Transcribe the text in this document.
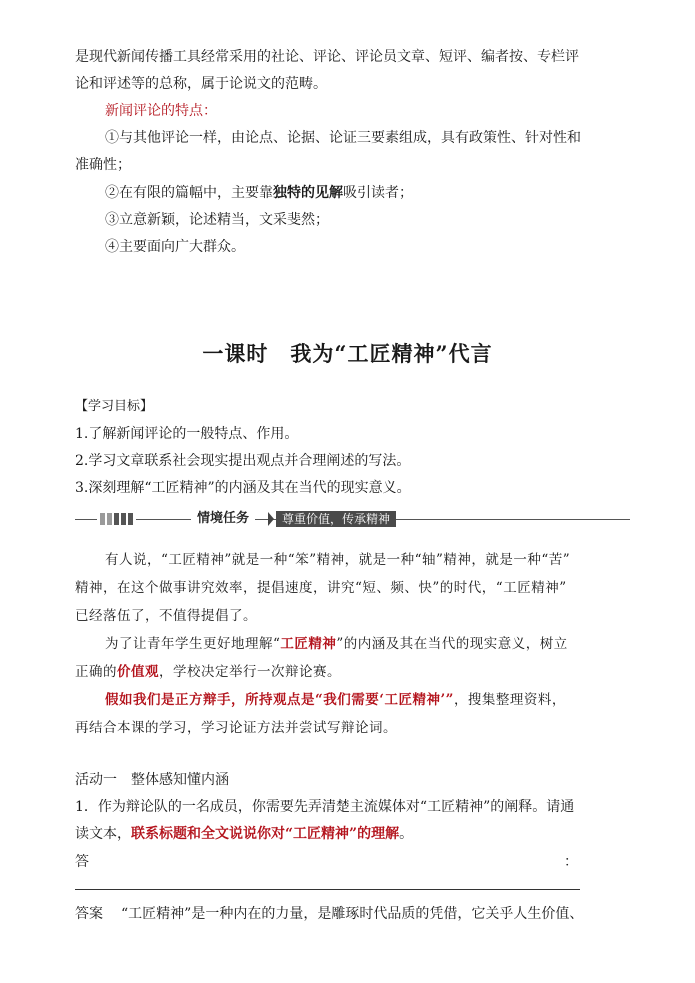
是现代新闻传播工具经常采用的社论、评论、评论员文章、短评、编者按、专栏评
论和评述等的总称，属于论说文的范畴。
新闻评论的特点：
①与其他评论一样，由论点、论据、论证三要素组成，具有政策性、针对性和
准确性；
②在有限的篇幅中，主要靠独特的见解吸引读者；
③立意新颖，论述精当，文采斐然；
④主要面向广大群众。
一课时　我为“工匠精神”代言
【学习目标】
1.了解新闻评论的一般特点、作用。
2.学习文章联系社会现实提出观点并合理阐述的写法。
3.深刻理解“工匠精神”的内涵及其在当代的现实意义。
情境任务	尊重价值，传承精神
有人说，“工匠精神”就是一种“笨”精神，就是一种“轴”精神，就是一种“苦”
精神，在这个做事讲究效率，提倡速度，讲究“短、频、快”的时代，“工匠精神”
已经落伍了，不值得提倡了。
为了让青年学生更好地理解“工匠精神”的内涵及其在当代的现实意义，树立
正确的价值观，学校决定举行一次辩论赛。
假如我们是正方辩手，所持观点是“我们需要‘工匠精神’”，搜集整理资料，
再结合本课的学习，学习论证方法并尝试写辩论词。
活动一　整体感知懂内涵
1．作为辩论队的一名成员，你需要先弄清楚主流媒体对“工匠精神”的阐释。请通
读文本，联系标题和全文说说你对“工匠精神”的理解。
答	：
答案 “工匠精神”是一种内在的力量，是雕琢时代品质的凭借，它关乎人生价值、
